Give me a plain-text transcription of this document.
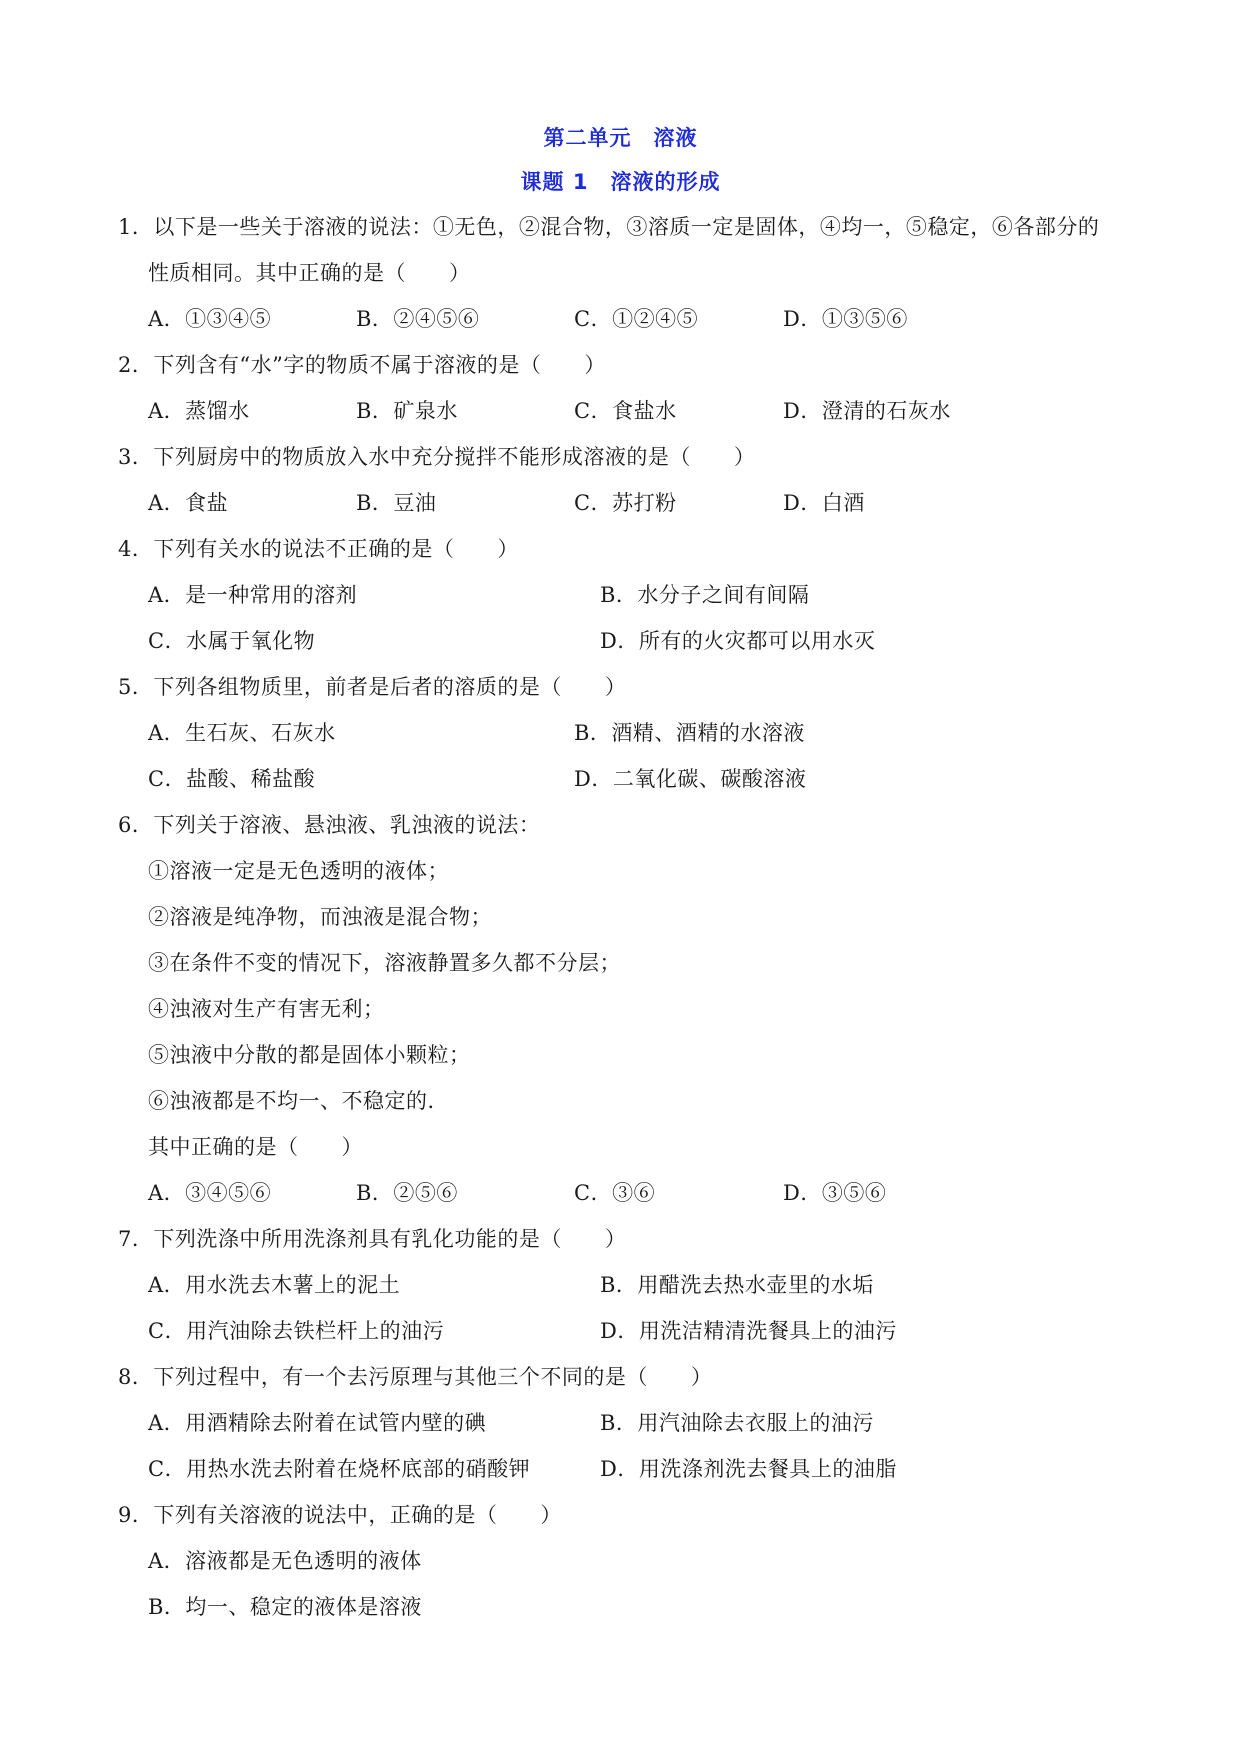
第二单元　溶液
课题 1　溶液的形成
1．以下是一些关于溶液的说法：①无色，②混合物，③溶质一定是固体，④均一，⑤稳定，⑥各部分的
性质相同。其中正确的是（　　）
A．①③④⑤	B．②④⑤⑥	C．①②④⑤	D．①③⑤⑥
2．下列含有“水”字的物质不属于溶液的是（　　）
A．蒸馏水	B．矿泉水	C．食盐水	D．澄清的石灰水
3．下列厨房中的物质放入水中充分搅拌不能形成溶液的是（　　）
A．食盐	B．豆油	C．苏打粉	D．白酒
4．下列有关水的说法不正确的是（　　）
A．是一种常用的溶剂	B．水分子之间有间隔
C．水属于氧化物	D．所有的火灾都可以用水灭
5．下列各组物质里，前者是后者的溶质的是（　　）
A．生石灰、石灰水	B．酒精、酒精的水溶液
C．盐酸、稀盐酸	D．二氧化碳、碳酸溶液
6．下列关于溶液、悬浊液、乳浊液的说法：
①溶液一定是无色透明的液体；
②溶液是纯净物，而浊液是混合物；
③在条件不变的情况下，溶液静置多久都不分层；
④浊液对生产有害无利；
⑤浊液中分散的都是固体小颗粒；
⑥浊液都是不均一、不稳定的．
其中正确的是（　　）
A．③④⑤⑥	B．②⑤⑥	C．③⑥	D．③⑤⑥
7．下列洗涤中所用洗涤剂具有乳化功能的是（　　）
A．用水洗去木薯上的泥土	B．用醋洗去热水壶里的水垢
C．用汽油除去铁栏杆上的油污	D．用洗洁精清洗餐具上的油污
8．下列过程中，有一个去污原理与其他三个不同的是（　　）
A．用酒精除去附着在试管内壁的碘	B．用汽油除去衣服上的油污
C．用热水洗去附着在烧杯底部的硝酸钾	D．用洗涤剂洗去餐具上的油脂
9．下列有关溶液的说法中，正确的是（　　）
A．溶液都是无色透明的液体
B．均一、稳定的液体是溶液
